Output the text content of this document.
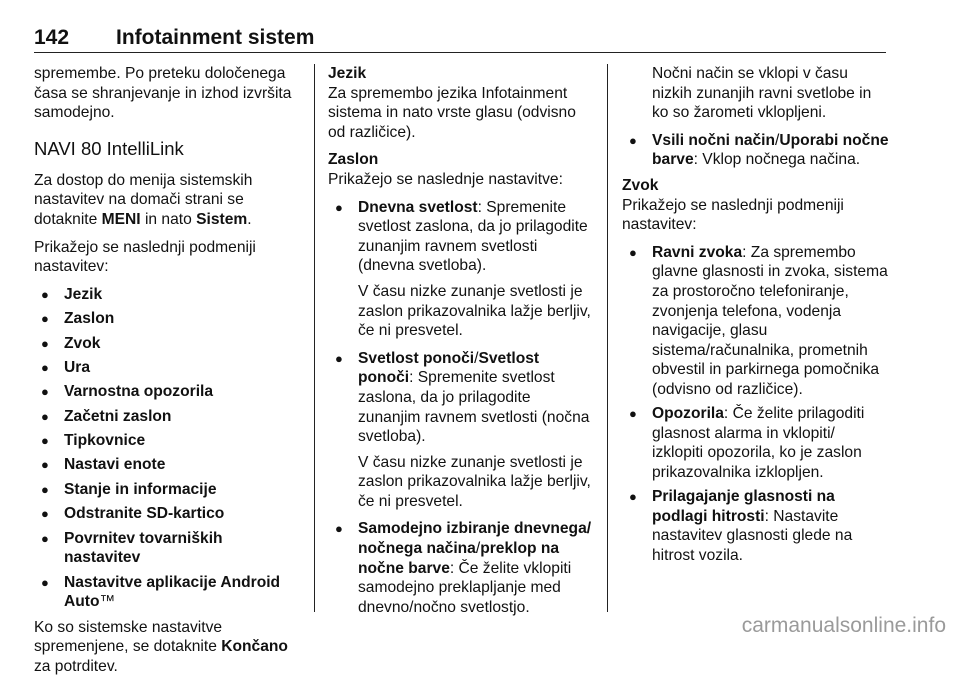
142 Infotainment sistem

spremembe. Po preteku določenega časa se shranjevanje in izhod izvršita samodejno.

NAVI 80 IntelliLink

Za dostop do menija sistemskih nastavitev na domači strani se dotaknite MENI in nato Sistem.

Prikažejo se naslednji podmeniji nastavitev:

● Jezik
● Zaslon
● Zvok
● Ura
● Varnostna opozorila
● Začetni zaslon
● Tipkovnice
● Nastavi enote
● Stanje in informacije
● Odstranite SD-kartico
● Povrnitev tovarniških nastavitev
● Nastavitve aplikacije Android Auto™

Ko so sistemske nastavitve spremenjene, se dotaknite Končano za potrditev.

Jezik

Za spremembo jezika Infotainment sistema in nato vrste glasu (odvisno od različice).

Zaslon

Prikažejo se naslednje nastavitve:

● Dnevna svetlost: Spremenite svetlost zaslona, da jo prilagodite zunanjim ravnem svetlosti (dnevna svetloba).
V času nizke zunanje svetlosti je zaslon prikazovalnika lažje berljiv, če ni presvetel.
● Svetlost ponoči/Svetlost ponoči: Spremenite svetlost zaslona, da jo prilagodite zunanjim ravnem svetlosti (nočna svetloba).
V času nizke zunanje svetlosti je zaslon prikazovalnika lažje berljiv, če ni presvetel.
● Samodejno izbiranje dnevnega/ nočnega načina/preklop na nočne barve: Če želite vklopiti samodejno preklapljanje med dnevno/nočno svetlostjo.
Nočni način se vklopi v času nizkih zunanjih ravni svetlobe in ko so žarometi vklopljeni.
● Vsili nočni način/Uporabi nočne barve: Vklop nočnega načina.
Zvok

Prikažejo se naslednji podmeniji nastavitev:

● Ravni zvoka: Za spremembo glavne glasnosti in zvoka, sistema za prostoročno telefoniranje, zvonjenja telefona, vodenja navigacije, glasu sistema/računalnika, prometnih obvestil in parkirnega pomočnika (odvisno od različice).
● Opozorila: Če želite prilagoditi glasnost alarma in vklopiti/ izklopiti opozorila, ko je zaslon prikazovalnika izklopljen.
● Prilagajanje glasnosti na podlagi hitrosti: Nastavite nastavitev glasnosti glede na hitrost vozila.
carmanualsonline.info
